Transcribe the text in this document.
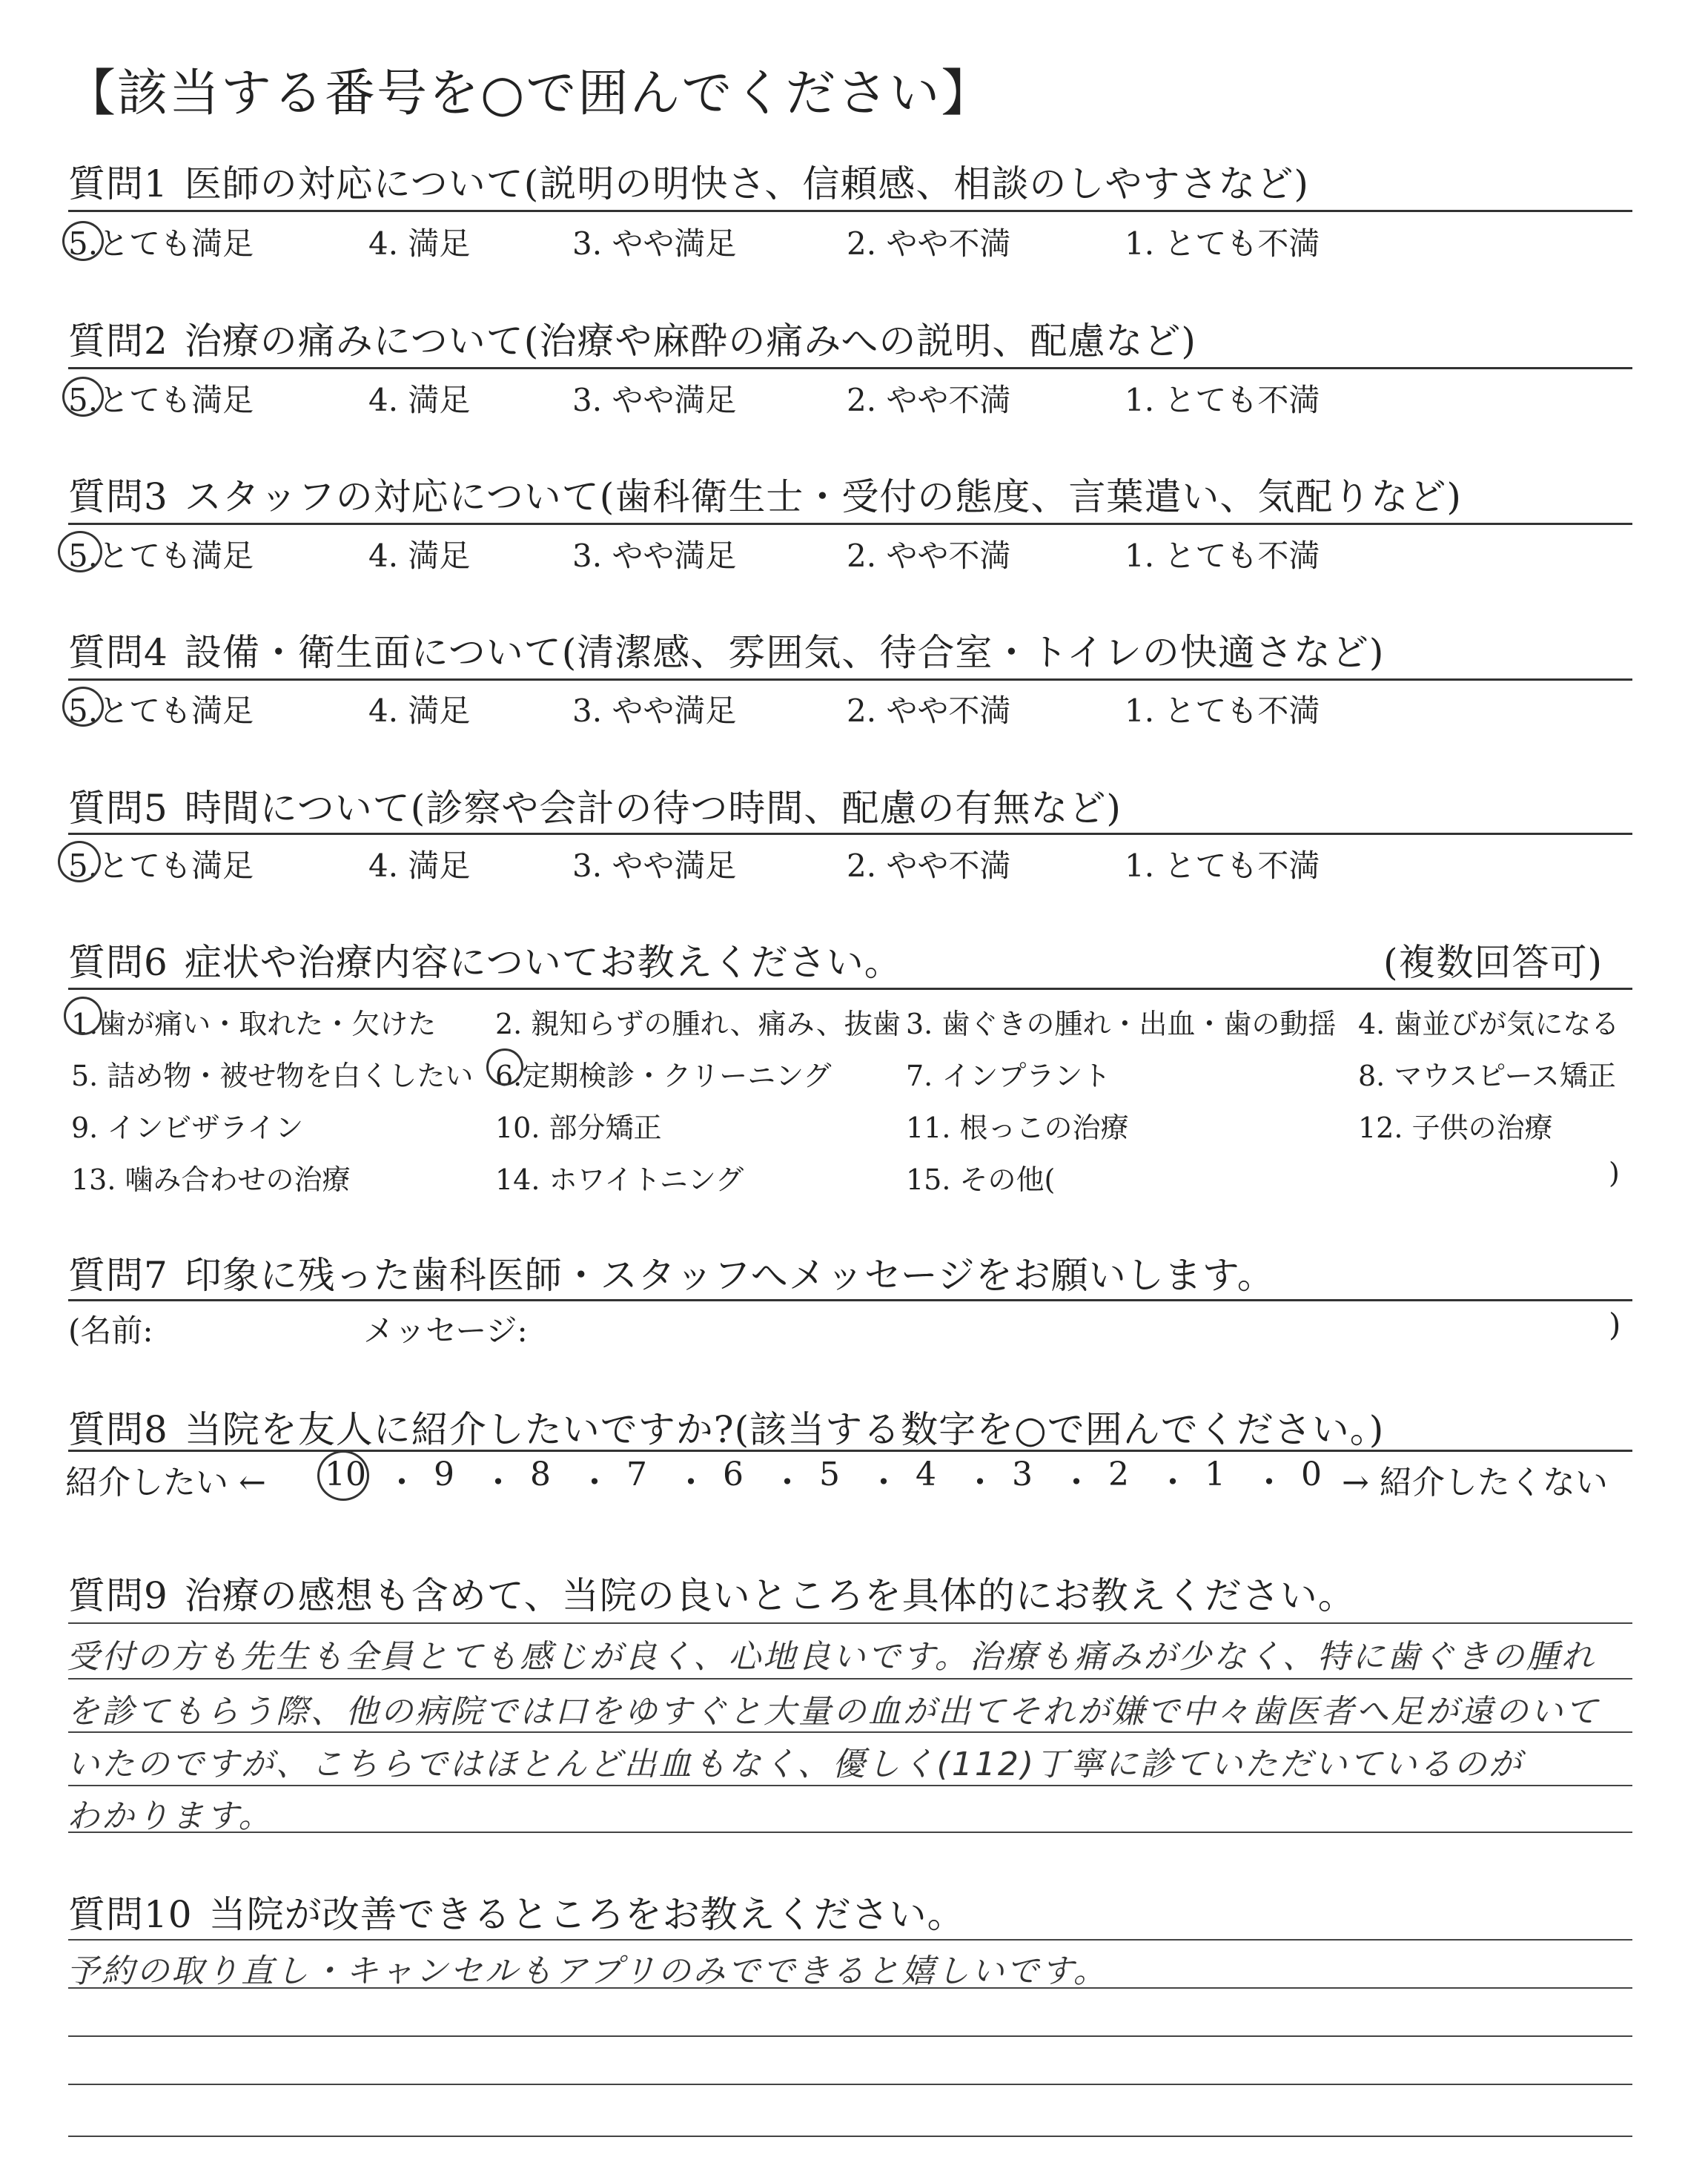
【該当する番号を○で囲んでください】
質問1 医師の対応について(説明の明快さ、信頼感、相談のしやすさなど)
5.とても満足	4. 満足	3. やや満足	2. やや不満	1. とても不満
質問2 治療の痛みについて(治療や麻酔の痛みへの説明、配慮など)
5.とても満足	4. 満足	3. やや満足	2. やや不満	1. とても不満
質問3 スタッフの対応について(歯科衛生士・受付の態度、言葉遣い、気配りなど)
5.とても満足	4. 満足	3. やや満足	2. やや不満	1. とても不満
質問4 設備・衛生面について(清潔感、雰囲気、待合室・トイレの快適さなど)
5.とても満足	4. 満足	3. やや満足	2. やや不満	1. とても不満
質問5 時間について(診察や会計の待つ時間、配慮の有無など)
5.とても満足	4. 満足	3. やや満足	2. やや不満	1. とても不満
質問6 症状や治療内容についてお教えください。	(複数回答可)
1.歯が痛い・取れた・欠けた 2. 親知らずの腫れ、痛み、抜歯 3. 歯ぐきの腫れ・出血・歯の動揺 4. 歯並びが気になる
5. 詰め物・被せ物を白くしたい 6.定期検診・クリーニング	7. インプラント	8. マウスピース矯正
9. インビザライン	10. 部分矯正	11. 根っこの治療	12. 子供の治療
13. 噛み合わせの治療	14. ホワイトニング	15. その他(	)
質問7 印象に残った歯科医師・スタッフへメッセージをお願いします。
(名前:	メッセージ:	)
質問8 当院を友人に紹介したいですか?(該当する数字を○で囲んでください。)
紹介したい ← 10 ・ 9 ・ 8 ・ 7 ・ 6 ・ 5 ・ 4 ・ 3 ・ 2 ・ 1 ・ 0 → 紹介したくない
質問9 治療の感想も含めて、当院の良いところを具体的にお教えください。
受付の方も先生も全員とても感じが良く、心地良いです。治療も痛みが少なく、特に歯ぐきの腫れ
を診てもらう際、他の病院では口をゆすぐと大量の血が出てそれが嫌で中々歯医者へ足が遠のいて
いたのですが、こちらではほとんど出血もなく、優しく(112)丁寧に診ていただいているのが
わかります。
質問10 当院が改善できるところをお教えください。
予約の取り直し・キャンセルもアプリのみでできると嬉しいです。
